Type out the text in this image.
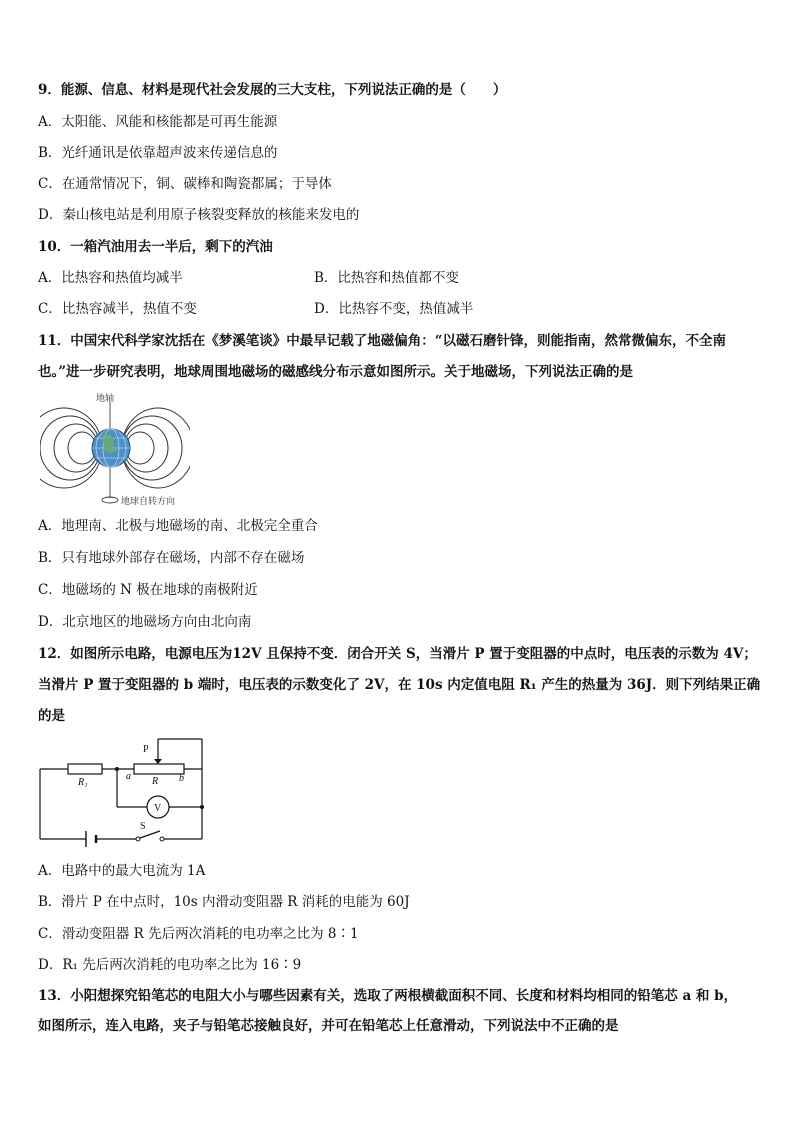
9．能源、信息、材料是现代社会发展的三大支柱，下列说法正确的是（　　）
A．太阳能、风能和核能都是可再生能源
B．光纤通讯是依靠超声波来传递信息的
C．在通常情况下，铜、碳棒和陶瓷都属；于导体
D．秦山核电站是利用原子核裂变释放的核能来发电的
10．一箱汽油用去一半后，剩下的汽油
A．比热容和热值均减半	B．比热容和热值都不变
C．比热容减半，热值不变	D．比热容不变，热值减半
11．中国宋代科学家沈括在《梦溪笔谈》中最早记载了地磁偏角：“以磁石磨针锋，则能指南，然常微偏东，不全南
也。”进一步研究表明，地球周围地磁场的磁感线分布示意如图所示。关于地磁场，下列说法正确的是
地轴
地球自转方向
A．地理南、北极与地磁场的南、北极完全重合
B．只有地球外部存在磁场，内部不存在磁场
C．地磁场的 N 极在地球的南极附近
D．北京地区的地磁场方向由北向南
12．如图所示电路，电源电压为12V 且保持不变．闭合开关 S，当滑片 P 置于变阻器的中点时，电压表的示数为 4V；
当滑片 P 置于变阻器的 b 端时，电压表的示数变化了 2V，在 10s 内定值电阻 R₁ 产生的热量为 36J．则下列结果正确
的是
P
R₁
a R b
V
S
A．电路中的最大电流为 1A
B．滑片 P 在中点时，10s 内滑动变阻器 R 消耗的电能为 60J
C．滑动变阻器 R 先后两次消耗的电功率之比为 8∶1
D．R₁ 先后两次消耗的电功率之比为 16∶9
13．小阳想探究铅笔芯的电阻大小与哪些因素有关，选取了两根横截面积不同、长度和材料均相同的铅笔芯 a 和 b，
如图所示，连入电路，夹子与铅笔芯接触良好，并可在铅笔芯上任意滑动，下列说法中不正确的是
